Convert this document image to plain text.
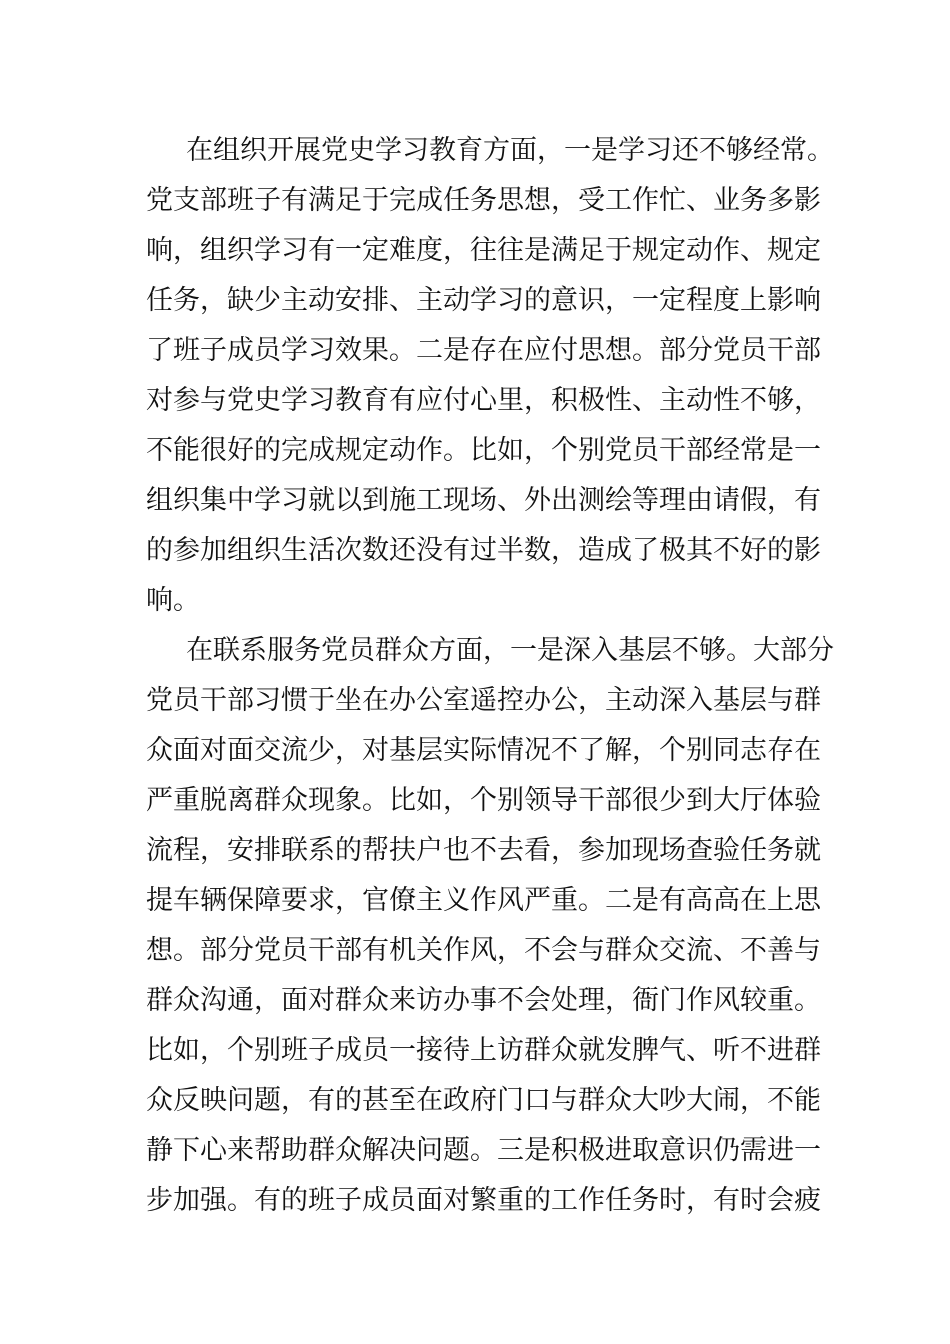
在组织开展党史学习教育方面，一是学习还不够经常。
党支部班子有满足于完成任务思想，受工作忙、业务多影
响，组织学习有一定难度，往往是满足于规定动作、规定
任务，缺少主动安排、主动学习的意识，一定程度上影响
了班子成员学习效果。二是存在应付思想。部分党员干部
对参与党史学习教育有应付心里，积极性、主动性不够，
不能很好的完成规定动作。比如，个别党员干部经常是一
组织集中学习就以到施工现场、外出测绘等理由请假，有
的参加组织生活次数还没有过半数，造成了极其不好的影
响。
在联系服务党员群众方面，一是深入基层不够。大部分
党员干部习惯于坐在办公室遥控办公，主动深入基层与群
众面对面交流少，对基层实际情况不了解，个别同志存在
严重脱离群众现象。比如，个别领导干部很少到大厅体验
流程，安排联系的帮扶户也不去看，参加现场查验任务就
提车辆保障要求，官僚主义作风严重。二是有高高在上思
想。部分党员干部有机关作风，不会与群众交流、不善与
群众沟通，面对群众来访办事不会处理，衙门作风较重。
比如，个别班子成员一接待上访群众就发脾气、听不进群
众反映问题，有的甚至在政府门口与群众大吵大闹，不能
静下心来帮助群众解决问题。三是积极进取意识仍需进一
步加强。有的班子成员面对繁重的工作任务时，有时会疲
